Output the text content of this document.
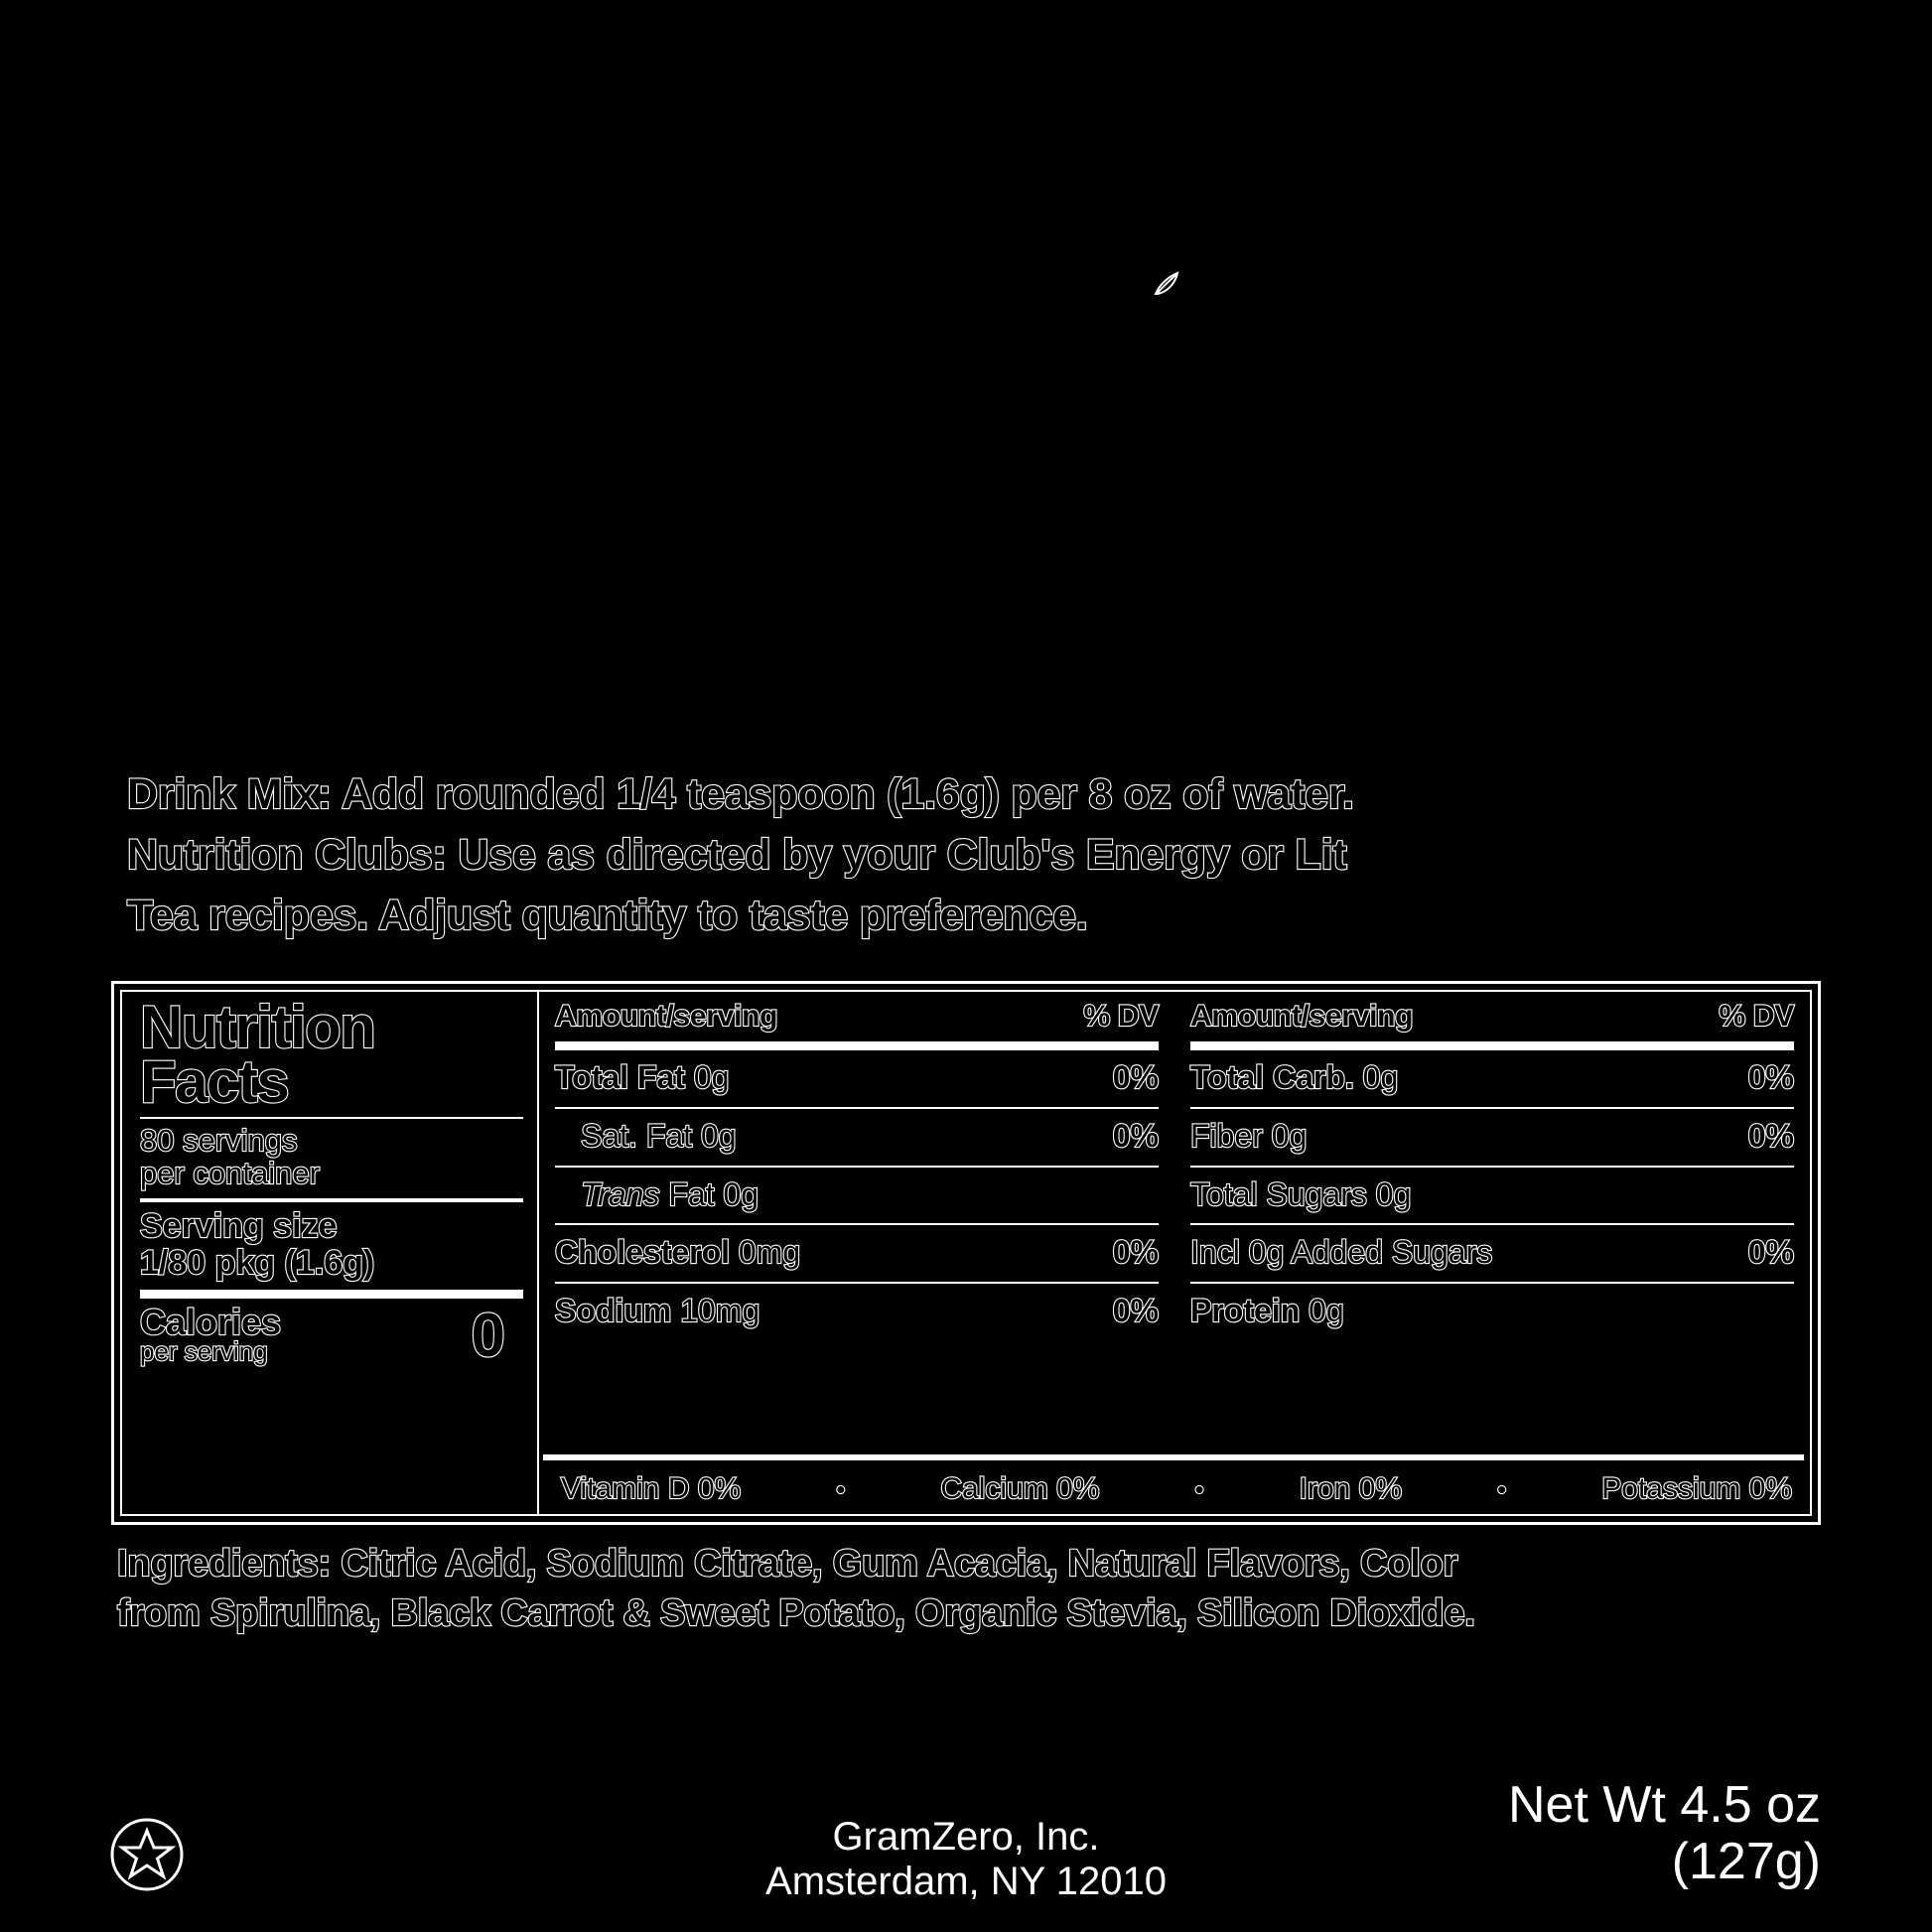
Drink Mix: Add rounded 1/4 teaspoon (1.6g) per 8 oz of water.
Nutrition Clubs: Use as directed by your Club's Energy or Lit
Tea recipes. Adjust quantity to taste preference.
Nutrition
Facts
80 servings
per container
Serving size
1/80 pkg (1.6g)
Calories
per serving	0
Amount/serving	% DV
Total Fat 0g	0%
Sat. Fat 0g	0%
Trans Fat 0g
Cholesterol 0mg	0%
Sodium 10mg	0%
Amount/serving	% DV
Total Carb. 0g	0%
Fiber 0g	0%
Total Sugars 0g
Incl 0g Added Sugars	0%
Protein 0g
Vitamin D 0%	•	Calcium 0%	•	Iron 0%	•	Potassium 0%
Ingredients: Citric Acid, Sodium Citrate, Gum Acacia, Natural Flavors, Color
from Spirulina, Black Carrot & Sweet Potato, Organic Stevia, Silicon Dioxide.
GramZero, Inc.
Amsterdam, NY 12010
Net Wt 4.5 oz
(127g)
